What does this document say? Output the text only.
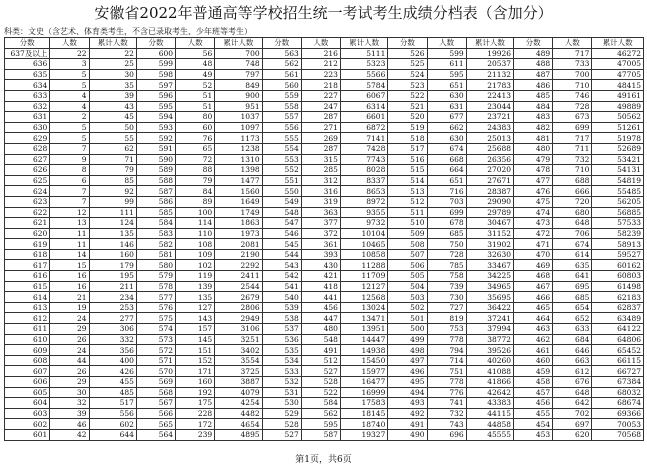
安徽省2022年普通高等学校招生统一考试考生成绩分档表（含加分）
科类：文史（含艺术、体育类考生，不含已录取考生、少年班等考生）
分数	人数	累计人数	分数	人数	累计人数	分数	人数	累计人数	分数	人数	累计人数	分数	人数	累计人数
637及以上	22	22	600	56	700	563	216	5111	526	599	19926	489	717	46272
636	3	25	599	48	748	562	212	5323	525	611	20537	488	733	47005
635	5	30	598	49	797	561	223	5566	524	595	21132	487	700	47705
634	5	35	597	52	849	560	218	5784	523	651	21783	486	710	48415
633	4	39	596	51	900	559	227	6067	522	630	22413	485	746	49161
632	4	43	595	51	951	558	247	6314	521	631	23044	484	728	49889
631	2	45	594	80	1037	557	287	6601	520	677	23721	483	673	50562
630	5	50	593	60	1097	556	271	6872	519	662	24383	482	699	51261
629	5	55	592	76	1173	555	269	7141	518	630	25013	481	717	51978
628	7	62	591	65	1238	554	287	7428	517	674	25688	480	711	52689
627	9	71	590	72	1310	553	315	7743	516	668	26356	479	732	53421
626	8	79	589	88	1398	552	285	8028	515	664	27020	478	710	54131
625	6	85	588	79	1477	551	312	8337	514	651	27671	477	688	54819
624	7	92	587	84	1560	550	316	8653	513	716	28387	476	666	55485
623	7	99	586	89	1649	549	319	8972	512	703	29090	475	720	56205
622	12	111	585	100	1749	548	363	9355	511	699	29789	474	680	56885
621	13	124	584	114	1863	547	377	9732	510	678	30467	473	648	57533
620	11	135	583	110	1973	546	372	10104	509	685	31152	472	706	58239
619	11	146	582	108	2081	545	361	10465	508	750	31902	471	674	58913
618	14	160	581	109	2190	544	393	10858	507	728	32630	470	614	59527
617	15	179	580	102	2292	543	430	11288	506	785	33467	469	635	60162
616	16	195	579	119	2411	542	421	11709	505	758	34225	468	641	60803
615	16	211	578	139	2544	541	418	12127	504	739	34965	467	695	61498
614	21	234	577	135	2679	540	441	12568	503	730	35695	466	685	62183
613	19	253	576	127	2806	539	456	13024	502	727	36422	465	654	62837
612	24	277	575	143	2949	538	447	13471	501	819	37241	464	652	63489
611	29	306	574	157	3106	537	480	13951	500	753	37994	463	633	64122
610	26	332	573	145	3251	536	548	14447	499	778	38772	462	684	64806
609	24	356	572	151	3402	535	491	14938	498	794	39526	461	646	65452
608	44	400	571	152	3554	534	512	15450	497	714	40260	460	663	66115
607	26	426	570	171	3725	533	527	15977	496	751	41088	459	612	66727
606	29	455	569	160	3887	532	528	16477	495	778	41866	458	676	67384
605	30	485	568	192	4079	531	522	16999	494	776	42642	457	648	68032
604	32	517	567	175	4254	530	584	17583	493	741	43383	456	642	68674
603	39	556	566	228	4482	529	562	18145	492	732	44115	455	702	69366
602	46	602	565	172	4654	528	595	18740	491	743	44858	454	697	70053
601	42	644	564	239	4895	527	587	19327	490	696	45555	453	620	70568
第1页，共6页
